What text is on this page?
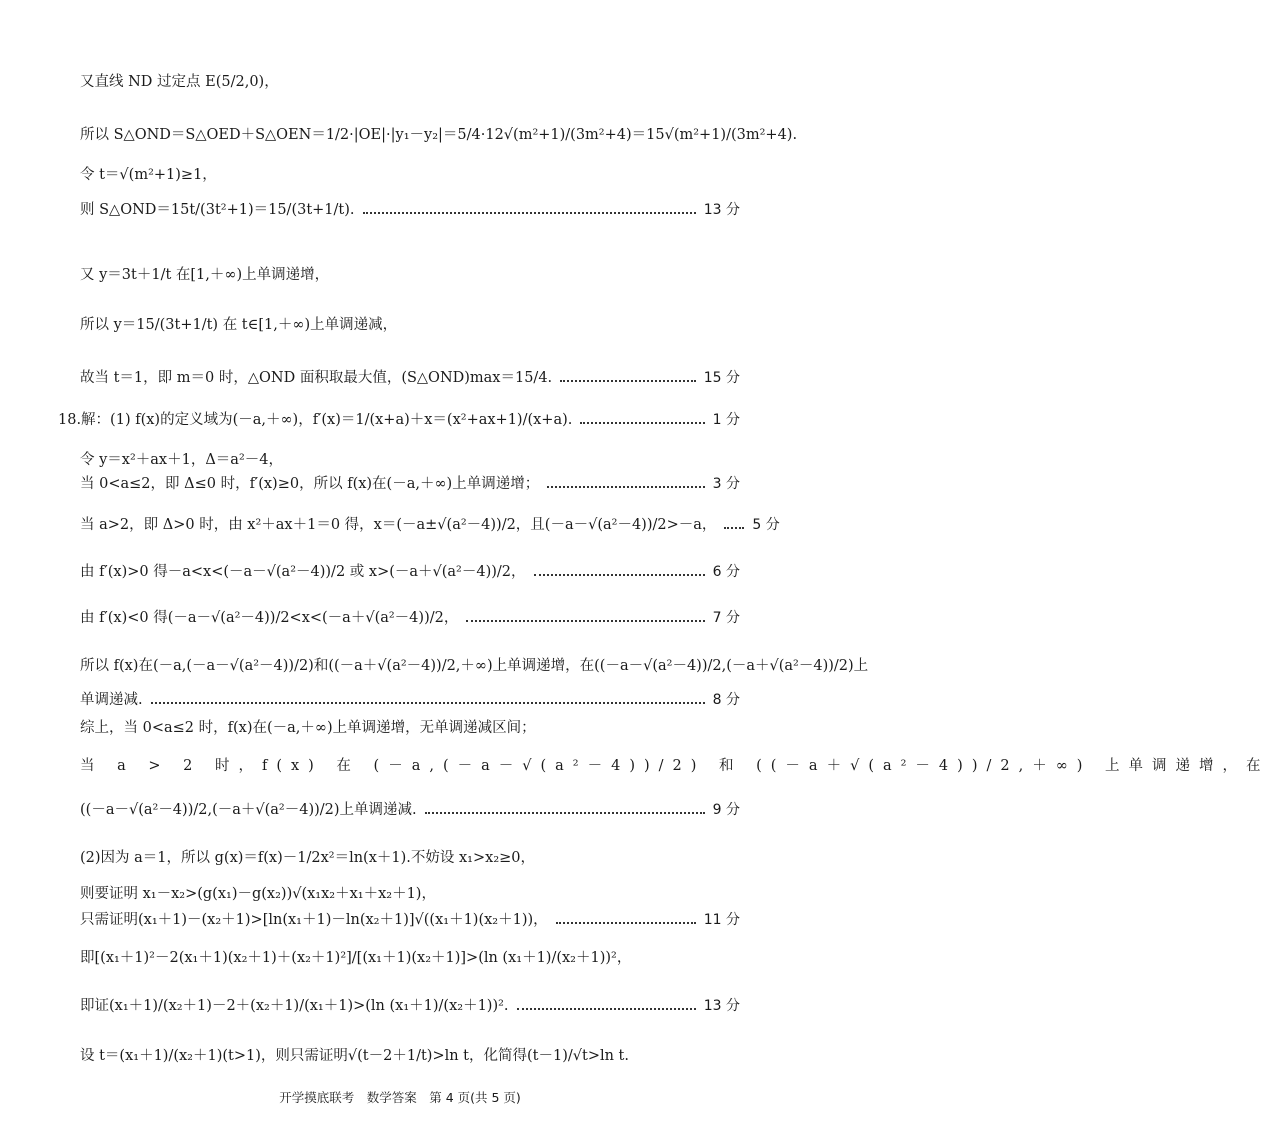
又直线 ND 过定点 E(5/2,0)，
所以 S△OND＝S△OED＋S△OEN＝1/2·|OE|·|y₁－y₂|＝5/4·12√(m²+1)/(3m²+4)＝15√(m²+1)/(3m²+4).
令 t＝√(m²+1)≥1，
则 S△OND＝15t/(3t²+1)＝15/(3t+1/t).	13 分
又 y＝3t＋1/t 在[1,＋∞)上单调递增，
所以 y＝15/(3t+1/t) 在 t∈[1,＋∞)上单调递减，
故当 t＝1，即 m＝0 时，△OND 面积取最大值，(S△OND)max＝15/4.	15 分
18.解：(1) f(x)的定义域为(－a,＋∞)，f′(x)＝1/(x+a)＋x＝(x²+ax+1)/(x+a).	1 分
令 y＝x²＋ax＋1，Δ＝a²－4，
当 0<a≤2，即 Δ≤0 时，f′(x)≥0，所以 f(x)在(－a,＋∞)上单调递增；	3 分
当 a>2，即 Δ>0 时，由 x²＋ax＋1＝0 得，x＝(－a±√(a²－4))/2，且(－a－√(a²－4))/2>－a，	5 分
由 f′(x)>0 得－a<x<(－a－√(a²－4))/2 或 x>(－a＋√(a²－4))/2，	6 分
由 f′(x)<0 得(－a－√(a²－4))/2<x<(－a＋√(a²－4))/2，	7 分
所以 f(x)在(－a,(－a－√(a²－4))/2)和((－a＋√(a²－4))/2,＋∞)上单调递增，在((－a－√(a²－4))/2,(－a＋√(a²－4))/2)上
单调递减.	8 分
综上，当 0<a≤2 时，f(x)在(－a,＋∞)上单调递增，无单调递减区间；
当 a > 2 时，f(x) 在 (－a,(－a－√(a²－4))/2) 和 ((－a＋√(a²－4))/2,＋∞) 上单调递增，在
((－a－√(a²－4))/2,(－a＋√(a²－4))/2)上单调递减.	9 分
(2)因为 a＝1，所以 g(x)＝f(x)－1/2x²＝ln(x＋1).不妨设 x₁>x₂≥0，
则要证明 x₁－x₂>(g(x₁)－g(x₂))√(x₁x₂＋x₁＋x₂＋1)，
只需证明(x₁＋1)－(x₂＋1)>[ln(x₁＋1)－ln(x₂＋1)]√((x₁＋1)(x₂＋1))，	11 分
即[(x₁＋1)²－2(x₁＋1)(x₂＋1)＋(x₂＋1)²]/[(x₁＋1)(x₂＋1)]>(ln (x₁＋1)/(x₂＋1))²，
即证(x₁＋1)/(x₂＋1)－2＋(x₂＋1)/(x₁＋1)>(ln (x₁＋1)/(x₂＋1))².	13 分
设 t＝(x₁＋1)/(x₂＋1)(t>1)，则只需证明√(t－2＋1/t)>ln t，化简得(t－1)/√t>ln t.
开学摸底联考　数学答案　第 4 页(共 5 页)
